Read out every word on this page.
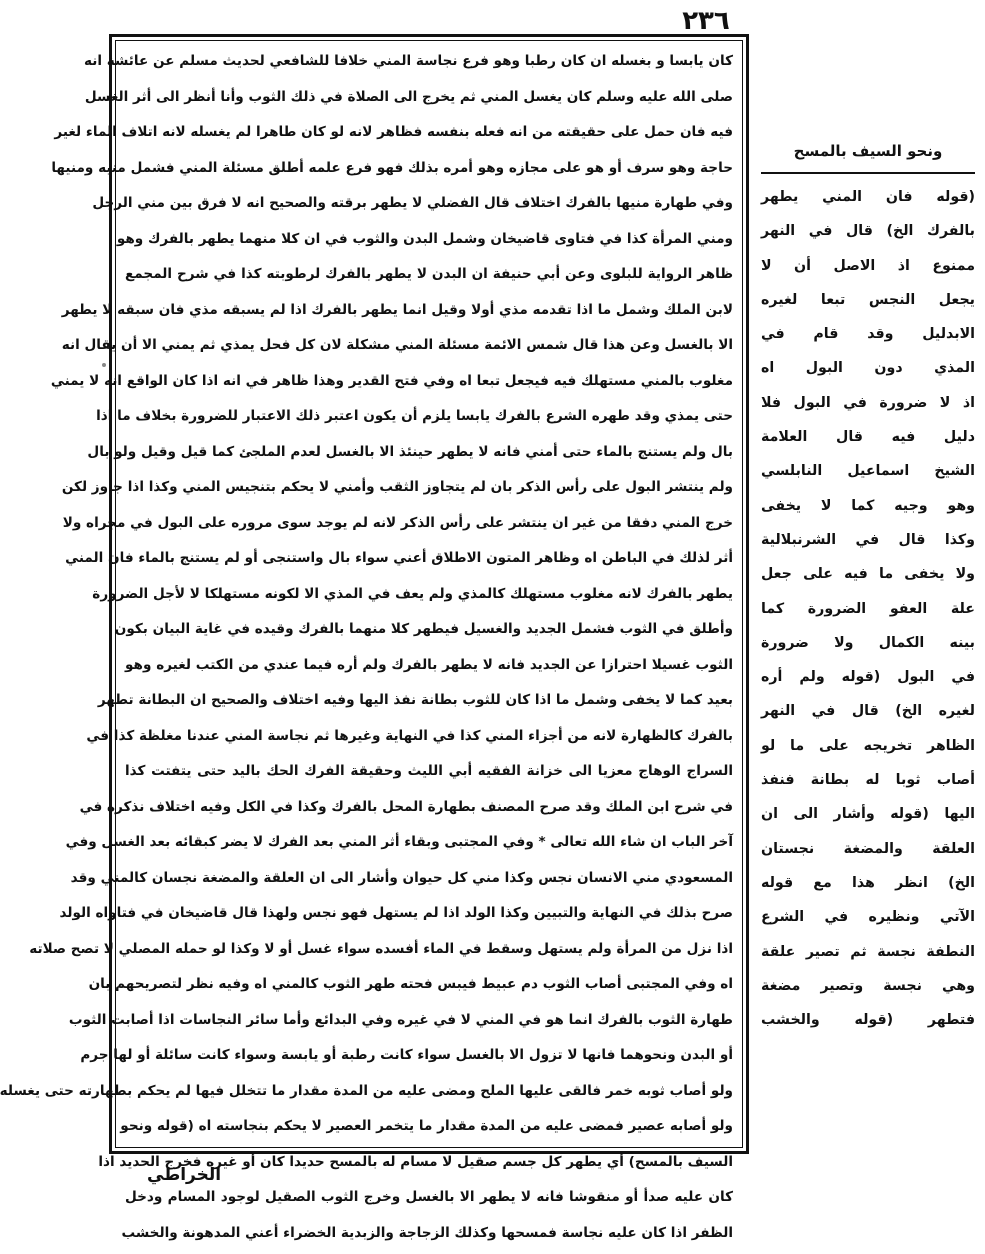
٢٣٦
كان يابسا و بغسله ان كان رطبا وهو فرع نجاسة المني خلافا للشافعي لحديث مسلم عن عائشة انه
صلى الله عليه وسلم كان يغسل المني ثم يخرج الى الصلاة في ذلك الثوب وأنا أنظر الى أثر الغسل
فيه فان حمل على حقيقته من انه فعله بنفسه فظاهر لانه لو كان طاهرا لم يغسله لانه اتلاف الماء لغير
حاجة وهو سرف أو هو على مجازه وهو أمره بذلك فهو فرع علمه أطلق مسئلة المني فشمل منيه ومنيها
وفي طهارة منيها بالفرك اختلاف قال الفضلي لا يطهر برقته والصحيح انه لا فرق بين مني الرجل
ومني المرأة كذا في فتاوى قاضيخان وشمل البدن والثوب في ان كلا منهما يطهر بالفرك وهو
ظاهر الرواية للبلوى وعن أبي حنيفة ان البدن لا يطهر بالفرك لرطوبته كذا في شرح المجمع
لابن الملك وشمل ما اذا تقدمه مذي أولا وقيل انما يطهر بالفرك اذا لم يسبقه مذي فان سبقه لا يطهر
الا بالغسل وعن هذا قال شمس الائمة مسئلة المني مشكلة لان كل فحل يمذي ثم يمني الا أن يقال انه
مغلوب بالمني مستهلك فيه فيجعل تبعا اه وفي فتح القدير وهذا ظاهر في انه اذا كان الواقع انه لا يمني
حتى يمذي وقد طهره الشرع بالفرك يابسا يلزم أن يكون اعتبر ذلك الاعتبار للضرورة بخلاف ما اذا
بال ولم يستنج بالماء حتى أمني فانه لا يطهر حينئذ الا بالغسل لعدم الملجئ كما قيل وقيل ولو بال
ولم ينتشر البول على رأس الذكر بان لم يتجاوز الثقب وأمني لا يحكم بتنجيس المني وكذا اذا جاوز لكن
خرج المني دفقا من غير ان ينتشر على رأس الذكر لانه لم يوجد سوى مروره على البول في مجراه ولا
أثر لذلك في الباطن اه وظاهر المتون الاطلاق أعني سواء بال واستنجى أو لم يستنج بالماء فان المني
يطهر بالفرك لانه مغلوب مستهلك كالمذي ولم يعف في المذي الا لكونه مستهلكا لا لأجل الضرورة
وأطلق في الثوب فشمل الجديد والغسيل فيطهر كلا منهما بالفرك وقيده في غاية البيان بكون
الثوب غسيلا احترازا عن الجديد فانه لا يطهر بالفرك ولم أره فيما عندي من الكتب لغيره وهو
بعيد كما لا يخفى وشمل ما اذا كان للثوب بطانة نفذ اليها وفيه اختلاف والصحيح ان البطانة تطهر
بالفرك كالظهارة لانه من أجزاء المني كذا في النهاية وغيرها ثم نجاسة المني عندنا مغلظة كذا في
السراج الوهاج معزيا الى خزانة الفقيه أبي الليث وحقيقة الفرك الحك باليد حتى يتفتت كذا
في شرح ابن الملك وقد صرح المصنف بطهارة المحل بالفرك وكذا في الكل وفيه اختلاف نذكره في
آخر الباب ان شاء الله تعالى * وفي المجتبى وبقاء أثر المني بعد الفرك لا يضر كبقائه بعد الغسل وفي
المسعودي مني الانسان نجس وكذا مني كل حيوان وأشار الى ان العلقة والمضغة نجسان كالمني وقد
صرح بذلك في النهاية والتبيين وكذا الولد اذا لم يستهل فهو نجس ولهذا قال قاضيخان في فتاواه الولد
اذا نزل من المرأة ولم يستهل وسقط في الماء أفسده سواء غسل أو لا وكذا لو حمله المصلي لا تصح صلاته
اه وفي المجتبى أصاب الثوب دم عبيط فيبس فحته طهر الثوب كالمني اه وفيه نظر لتصريحهم بان
طهارة الثوب بالفرك انما هو في المني لا في غيره وفي البدائع وأما سائر النجاسات اذا أصابت الثوب
أو البدن ونحوهما فانها لا تزول الا بالغسل سواء كانت رطبة أو يابسة وسواء كانت سائلة أو لها جرم
ولو أصاب ثوبه خمر فالقى عليها الملح ومضى عليه من المدة مقدار ما تتخلل فيها لم يحكم بطهارته حتى يغسله
ولو أصابه عصير فمضى عليه من المدة مقدار ما يتخمر العصير لا يحكم بنجاسته اه (قوله ونحو
السيف بالمسح) أي يطهر كل جسم صقيل لا مسام له بالمسح حديدا كان أو غيره فخرج الحديد اذا
كان عليه صدأ أو منقوشا فانه لا يطهر الا بالغسل وخرج الثوب الصقيل لوجود المسام ودخل
الظفر اذا كان عليه نجاسة فمسحها وكذلك الزجاجة والزبدية الخضراء أعني المدهونة والخشب
ونحو السيف بالمسح
(قوله فان المني يطهر
بالفرك الخ) قال في النهر
ممنوع اذ الاصل أن لا
يجعل النجس تبعا لغيره
الابدليل وقد قام في
المذي دون البول اه
اذ لا ضرورة في البول فلا
دليل فيه قال العلامة
الشيخ اسماعيل النابلسي
وهو وجيه كما لا يخفى
وكذا قال في الشرنبلالية
ولا يخفى ما فيه على جعل
علة العفو الضرورة كما
بينه الكمال ولا ضرورة
في البول (قوله ولم أره
لغيره الخ) قال في النهر
الظاهر تخريجه على ما لو
أصاب ثوبا له بطانة فنفذ
اليها (قوله وأشار الى ان
العلقة والمضغة نجستان
الخ) انظر هذا مع قوله
الآتي ونظيره في الشرع
النطفة نجسة ثم تصير علقة
وهي نجسة وتصير مضغة
فتطهر (قوله والخشب
الخراطي
